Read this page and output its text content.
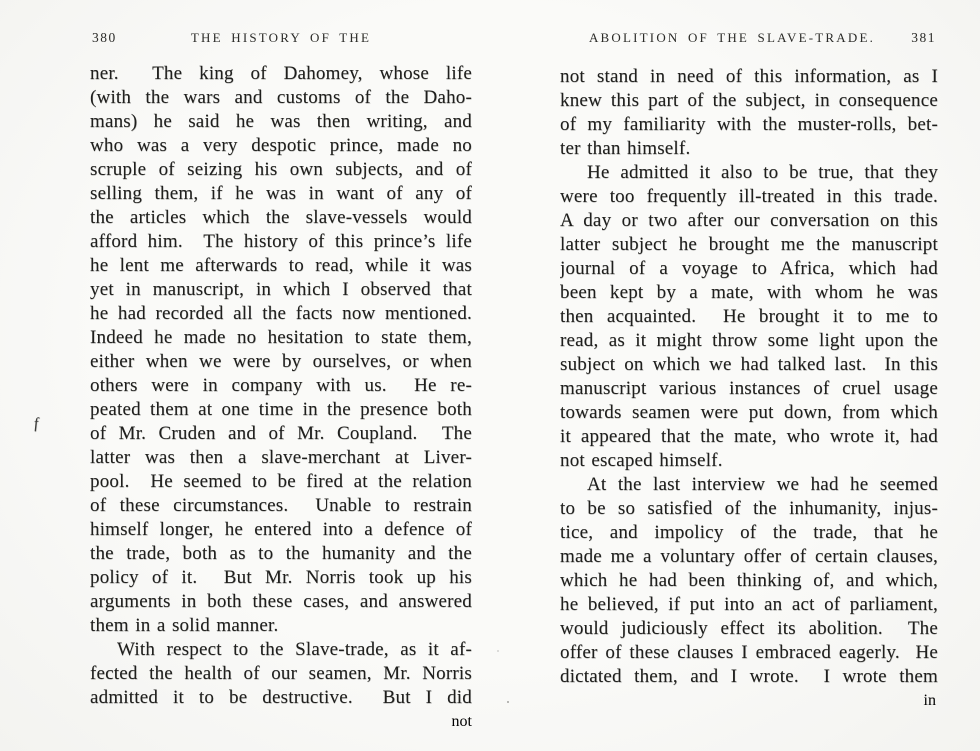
f
380	THE HISTORY OF THE
ner.  The king of Dahomey, whose life
(with the wars and customs of the Daho-
mans) he said he was then writing, and
who was a very despotic prince, made no
scruple of seizing his own subjects, and of
selling them, if he was in want of any of
the articles which the slave-vessels would
afford him.  The history of this prince’s life
he lent me afterwards to read, while it was
yet in manuscript, in which I observed that
he had recorded all the facts now mentioned.
Indeed he made no hesitation to state them,
either when we were by ourselves, or when
others were in company with us.  He re-
peated them at one time in the presence both
of Mr. Cruden and of Mr. Coupland.  The
latter was then a slave-merchant at Liver-
pool.  He seemed to be fired at the relation
of these circumstances.  Unable to restrain
himself longer, he entered into a defence of
the trade, both as to the humanity and the
policy of it.  But Mr. Norris took up his
arguments in both these cases, and answered
them in a solid manner.
With respect to the Slave-trade, as it af-
fected the health of our seamen, Mr. Norris
admitted it to be destructive.  But I did
not
ABOLITION OF THE SLAVE-TRADE.	381
not stand in need of this information, as I
knew this part of the subject, in consequence
of my familiarity with the muster-rolls, bet-
ter than himself.
He admitted it also to be true, that they
were too frequently ill-treated in this trade.
A day or two after our conversation on this
latter subject he brought me the manuscript
journal of a voyage to Africa, which had
been kept by a mate, with whom he was
then acquainted.  He brought it to me to
read, as it might throw some light upon the
subject on which we had talked last.  In this
manuscript various instances of cruel usage
towards seamen were put down, from which
it appeared that the mate, who wrote it, had
not escaped himself.
At the last interview we had he seemed
to be so satisfied of the inhumanity, injus-
tice, and impolicy of the trade, that he
made me a voluntary offer of certain clauses,
which he had been thinking of, and which,
he believed, if put into an act of parliament,
would judiciously effect its abolition.  The
offer of these clauses I embraced eagerly.  He
dictated them, and I wrote.  I wrote them
in
